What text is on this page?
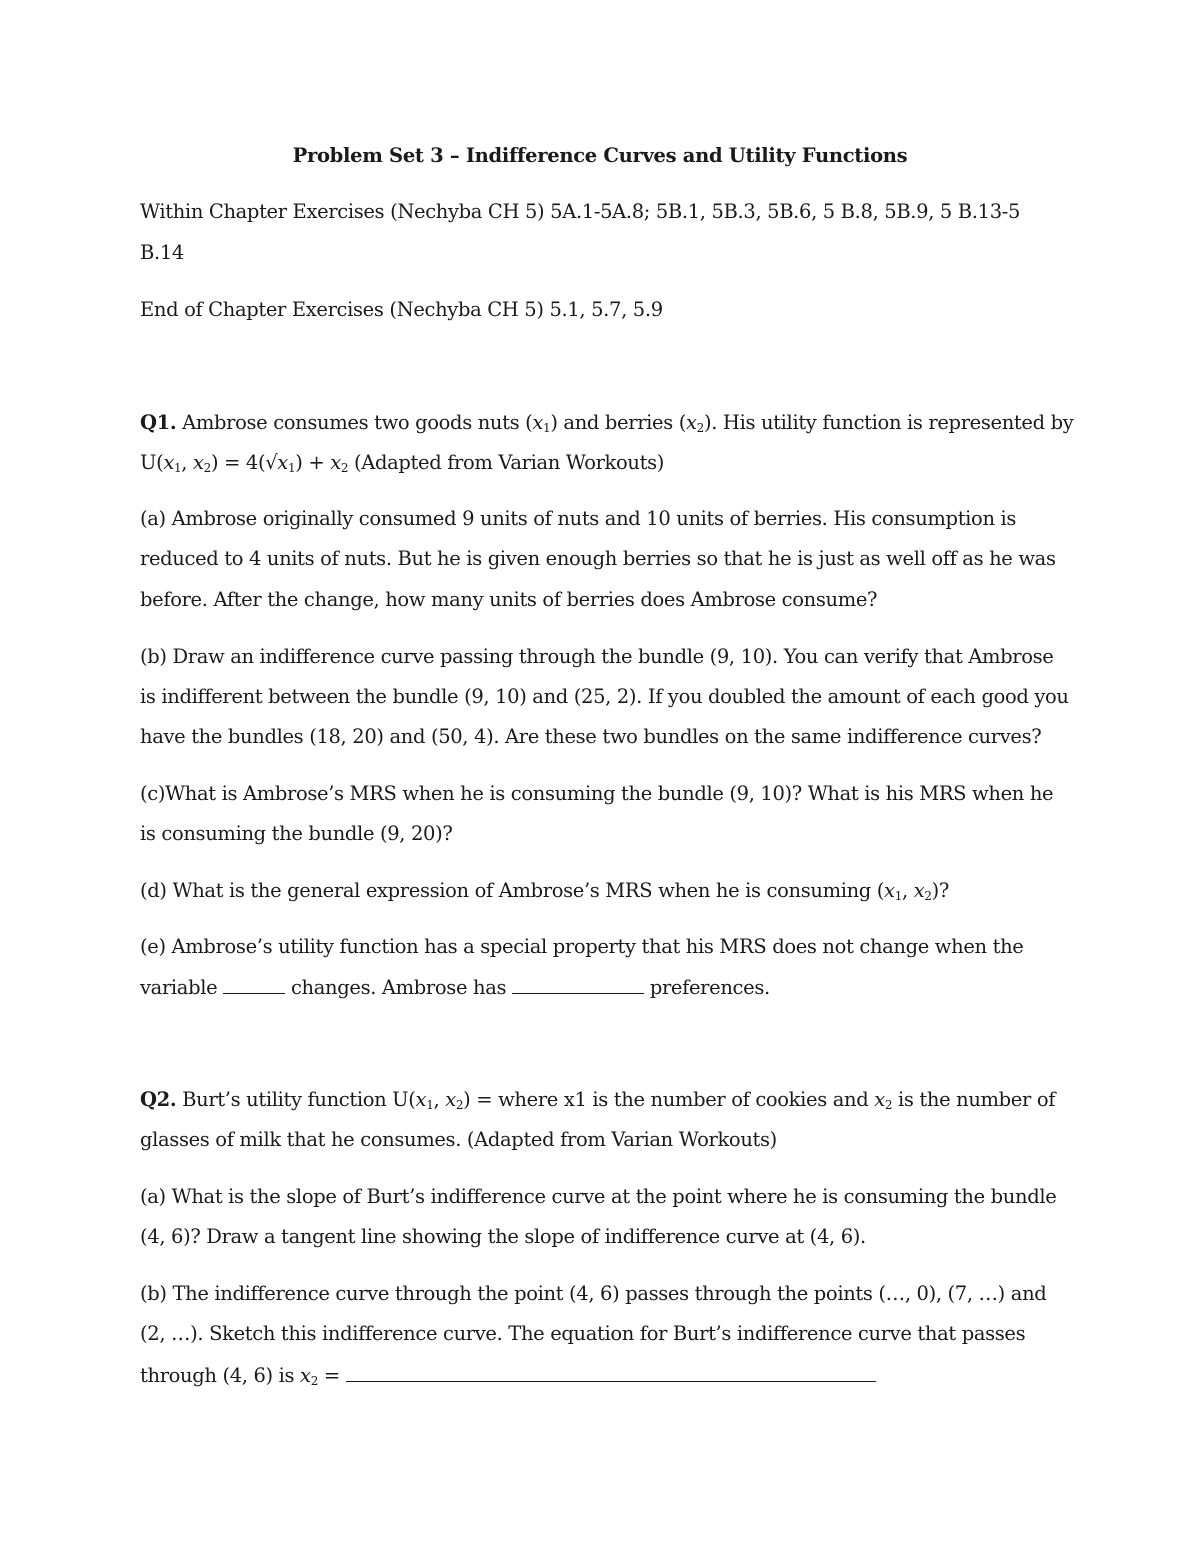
Problem Set 3 – Indifference Curves and Utility Functions
Within Chapter Exercises (Nechyba CH 5) 5A.1-5A.8; 5B.1, 5B.3, 5B.6, 5 B.8, 5B.9, 5 B.13-5
B.14
End of Chapter Exercises (Nechyba CH 5) 5.1, 5.7, 5.9
Q1. Ambrose consumes two goods nuts $(x_1)$ and berries $(x_2)$. His utility function is represented by
$U(x_1$, $x_2) = 4(√x_1) + x_2$ (Adapted from Varian Workouts)
(a) Ambrose originally consumed 9 units of nuts and 10 units of berries. His consumption is
reduced to 4 units of nuts. But he is given enough berries so that he is just as well off as he was
before. After the change, how many units of berries does Ambrose consume?
(b) Draw an indifference curve passing through the bundle (9, 10). You can verify that Ambrose
is indifferent between the bundle (9, 10) and (25, 2). If you doubled the amount of each good you
have the bundles (18, 20) and (50, 4). Are these two bundles on the same indifference curves?
(c)What is Ambrose’s MRS when he is consuming the bundle (9, 10)? What is his MRS when he
is consuming the bundle (9, 20)?
(d) What is the general expression of Ambrose’s MRS when he is consuming ($x_1$, $x_2$)?
(e) Ambrose’s utility function has a special property that his MRS does not change when the
variable	changes. Ambrose has	preferences.
Q2. Burt’s utility function $U(x_1$, $x_2$) = where x1 is the number of cookies and $x_2$ is the number of
glasses of milk that he consumes. (Adapted from Varian Workouts)
(a) What is the slope of Burt’s indifference curve at the point where he is consuming the bundle
(4, 6)? Draw a tangent line showing the slope of indifference curve at (4, 6).
(b) The indifference curve through the point (4, 6) passes through the points (…, 0), (7, …) and
(2, …). Sketch this indifference curve. The equation for Burt’s indifference curve that passes
through (4, 6) is $x_2$ =
